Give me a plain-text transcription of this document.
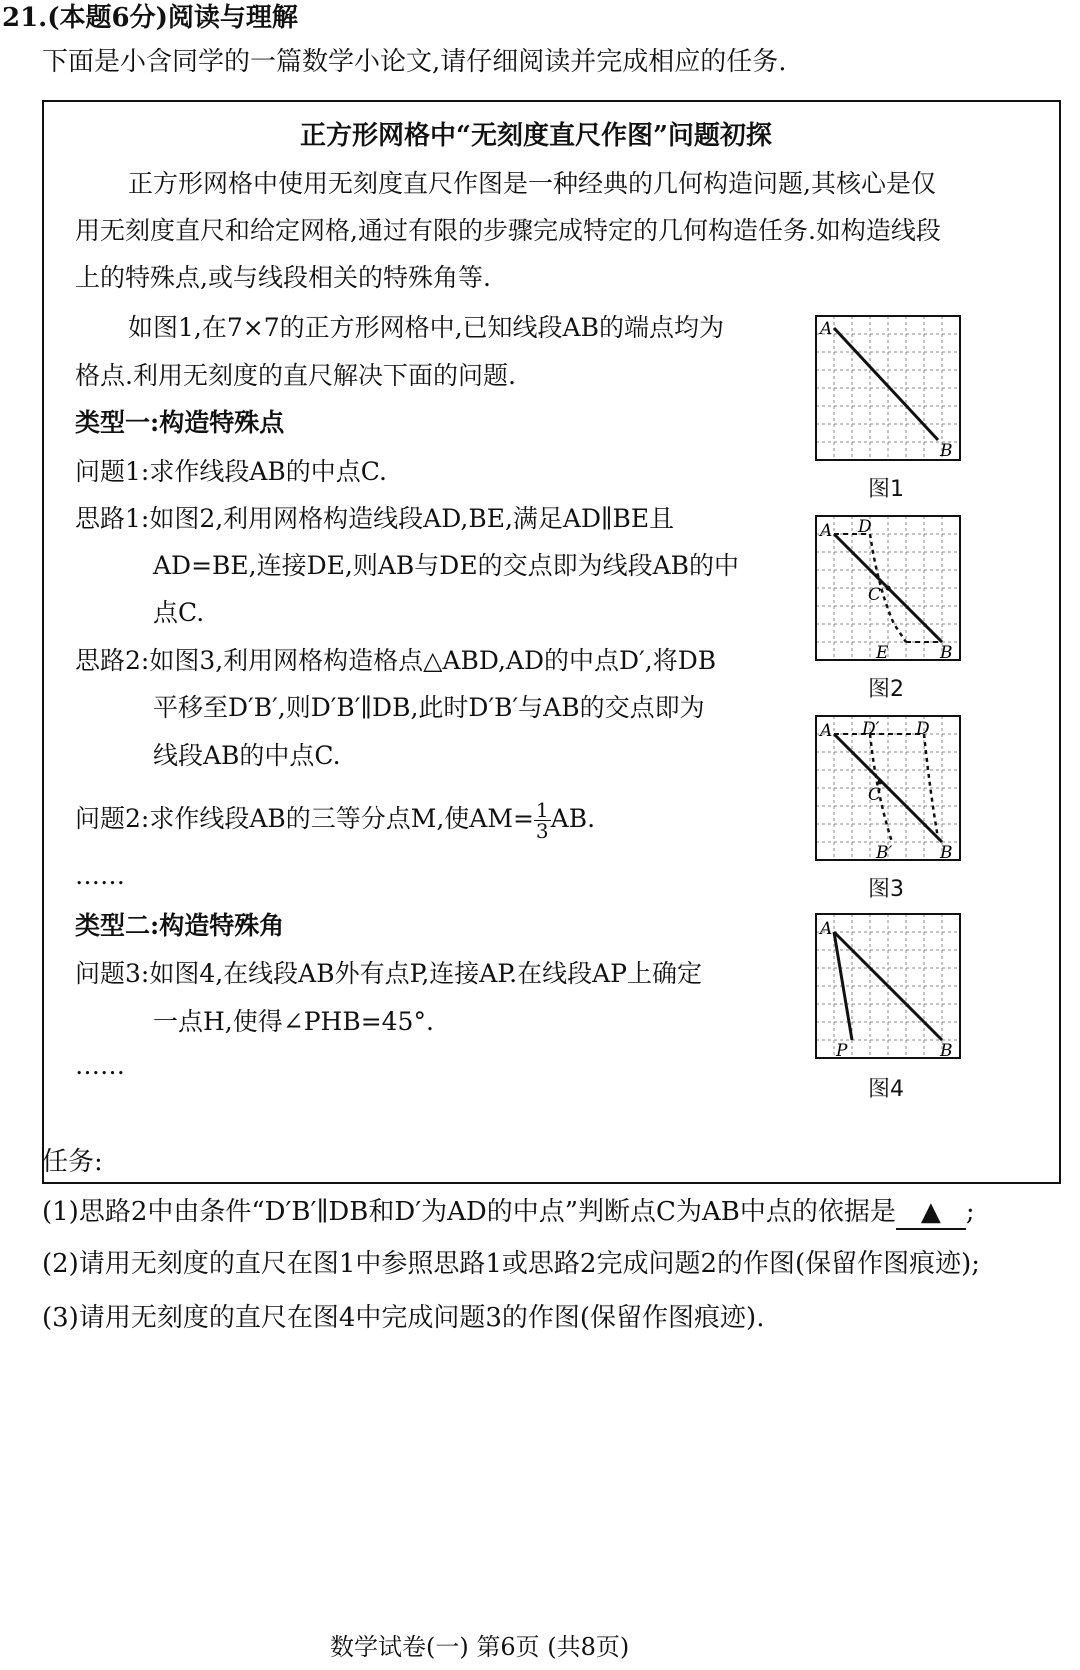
21.(本题6分)阅读与理解
下面是小含同学的一篇数学小论文,请仔细阅读并完成相应的任务.
正方形网格中“无刻度直尺作图”问题初探
正方形网格中使用无刻度直尺作图是一种经典的几何构造问题,其核心是仅
用无刻度直尺和给定网格,通过有限的步骤完成特定的几何构造任务.如构造线段
上的特殊点,或与线段相关的特殊角等.
如图1,在7×7的正方形网格中,已知线段AB的端点均为
格点.利用无刻度的直尺解决下面的问题.
类型一:构造特殊点
问题1:求作线段AB的中点C.
思路1:如图2,利用网格构造线段AD,BE,满足AD∥BE且
AD=BE,连接DE,则AB与DE的交点即为线段AB的中
点C.
思路2:如图3,利用网格构造格点△ABD,AD的中点D′,将DB
平移至D′B′,则D′B′∥DB,此时D′B′与AB的交点即为
线段AB的中点C.
问题2:求作线段AB的三等分点M,使$AM= \frac{1}{3}$ AB.
……
类型二:构造特殊角
问题3:如图4,在线段AB外有点P,连接AP.在线段AP上确定
一点H,使得∠PHB=45°.
……
A
B
图1
A D
C
E	B
图2
A D′ D
C
B′	B
图3
A
P	B
图4
任务:
(1)思路2中由条件“D′B′∥DB和D′为AD的中点”判断点C为AB中点的依据是 ▲ ;
(2)请用无刻度的直尺在图1中参照思路1或思路2完成问题2的作图(保留作图痕迹);
(3)请用无刻度的直尺在图4中完成问题3的作图(保留作图痕迹).
数学试卷(一) 第6页 (共8页)
